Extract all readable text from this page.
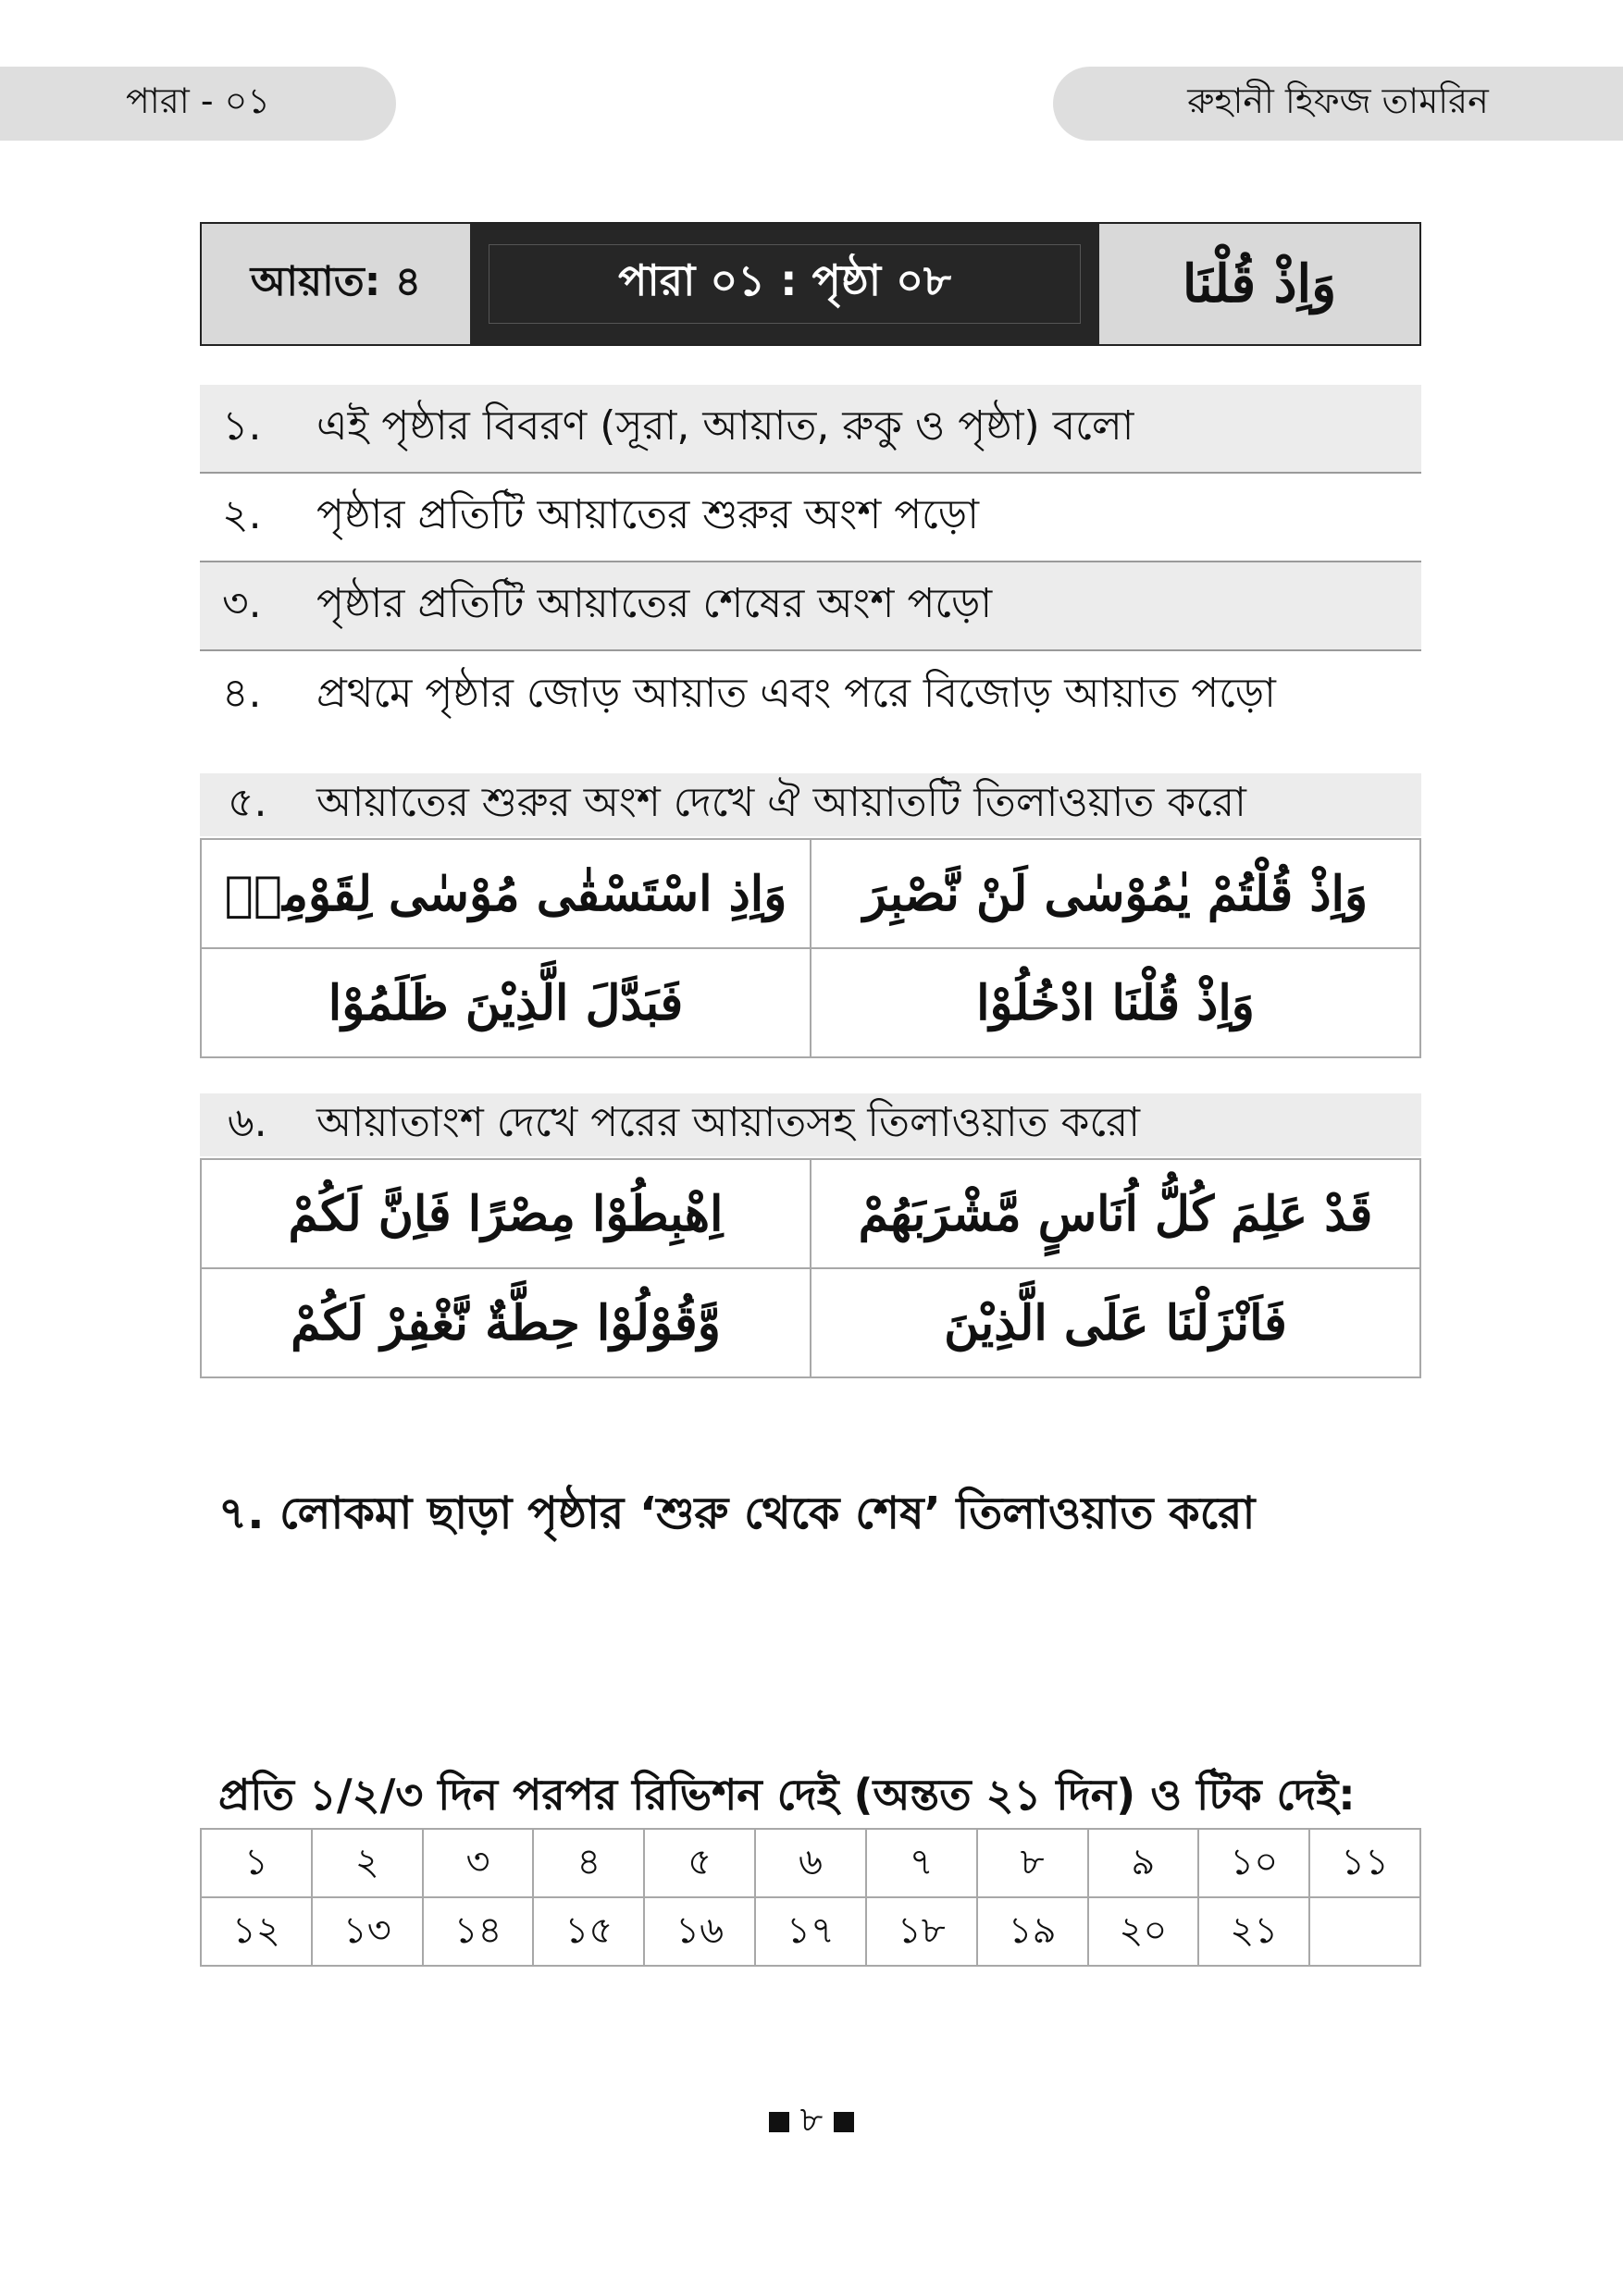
পারা - ০১	রুহানী হিফজ তামরিন
আয়াত: ৪	পারা ০১ : পৃষ্ঠা ০৮	وَاِذْ قُلْنَا
১.	এই পৃষ্ঠার বিবরণ (সূরা, আয়াত, রুকু ও পৃষ্ঠা) বলো
২.	পৃষ্ঠার প্রতিটি আয়াতের শুরুর অংশ পড়ো
৩.	পৃষ্ঠার প্রতিটি আয়াতের শেষের অংশ পড়ো
৪.	প্রথমে পৃষ্ঠার জোড় আয়াত এবং পরে বিজোড় আয়াত পড়ো
৫.	আয়াতের শুরুর অংশ দেখে ঐ আয়াতটি তিলাওয়াত করো
وَاِذِ اسْتَسْقٰى مُوْسٰى لِقَوْمِهٖ	وَاِذْ قُلْتُمْ يٰمُوْسٰى لَنْ نَّصْبِرَ
فَبَدَّلَ الَّذِيْنَ ظَلَمُوْا	وَاِذْ قُلْنَا ادْخُلُوْا
৬.	আয়াতাংশ দেখে পরের আয়াতসহ তিলাওয়াত করো
اِهْبِطُوْا مِصْرًا فَاِنَّ لَكُمْ	قَدْ عَلِمَ كُلُّ اُنَاسٍ مَّشْرَبَهُمْ
وَّقُوْلُوْا حِطَّةٌ نَّغْفِرْ لَكُمْ	فَاَنْزَلْنَا عَلَى الَّذِيْنَ
৭. লোকমা ছাড়া পৃষ্ঠার ‘শুরু থেকে শেষ’ তিলাওয়াত করো
প্রতি ১/২/৩ দিন পরপর রিভিশন দেই (অন্তত ২১ দিন) ও টিক দেই:
১	২	৩	৪	৫	৬	৭	৮	৯	১০	১১
১২	১৩	১৪	১৫	১৬	১৭	১৮	১৯	২০	২১	
৮
